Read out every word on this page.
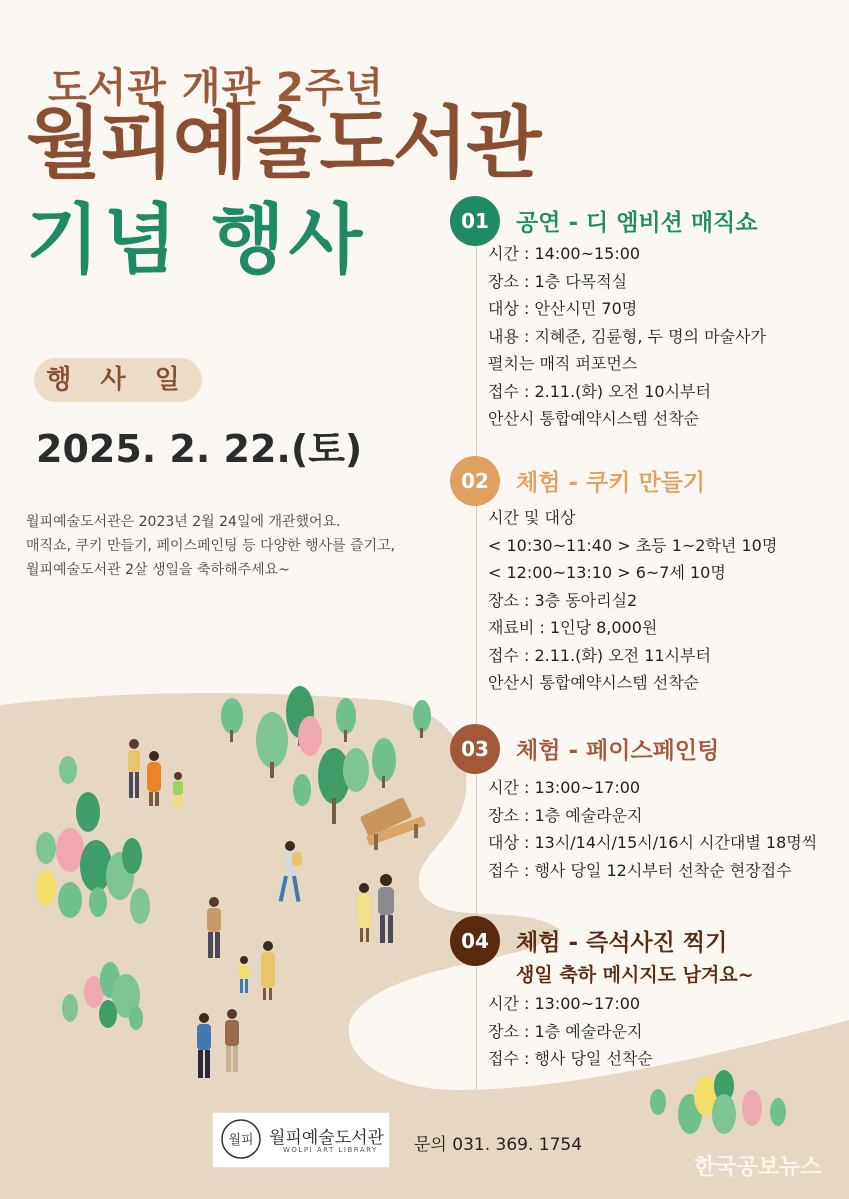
도서관 개관 2주년
월피예술도서관
기념 행사
행 사 일
2025. 2. 22.(토)
월피예술도서관은 2023년 2월 24일에 개관했어요.
매직쇼, 쿠키 만들기, 페이스페인팅 등 다양한 행사를 즐기고,
월피예술도서관 2살 생일을 축하해주세요~
01	공연 - 디 엠비션 매직쇼
시간 : 14:00~15:00
장소 : 1층 다목적실
대상 : 안산시민 70명
내용 : 지혜준, 김륜형, 두 명의 마술사가
펼치는 매직 퍼포먼스
접수 : 2.11.(화) 오전 10시부터
안산시 통합예약시스템 선착순
02	체험 - 쿠키 만들기
시간 및 대상
< 10:30~11:40 > 초등 1~2학년 10명
< 12:00~13:10 > 6~7세 10명
장소 : 3층 동아리실2
재료비 : 1인당 8,000원
접수 : 2.11.(화) 오전 11시부터
안산시 통합예약시스템 선착순
03	체험 - 페이스페인팅
시간 : 13:00~17:00
장소 : 1층 예술라운지
대상 : 13시/14시/15시/16시 시간대별 18명씩
접수 : 행사 당일 12시부터 선착순 현장접수
04	체험 - 즉석사진 찍기
생일 축하 메시지도 남겨요~
시간 : 13:00~17:00
장소 : 1층 예술라운지
접수 : 행사 당일 선착순
월피 월피예술도서관
WOLPI ART LIBRARY 문의 031. 369. 1754
한국공보뉴스
